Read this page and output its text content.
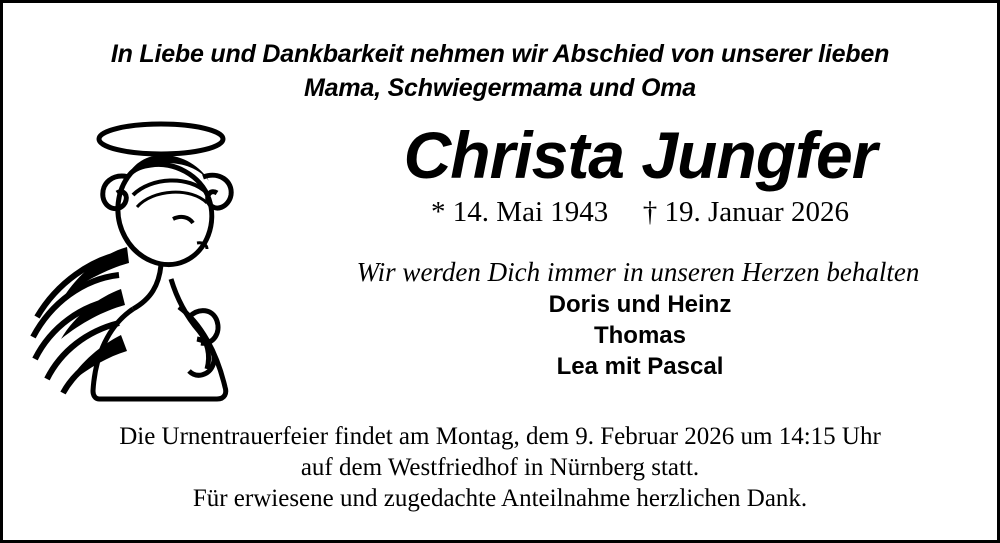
In Liebe und Dankbarkeit nehmen wir Abschied von unserer lieben
Mama, Schwiegermama und Oma
Christa Jungfer
* 14. Mai 1943 † 19. Januar 2026
Wir werden Dich immer in unseren Herzen behalten
Doris und Heinz
Thomas
Lea mit Pascal
Die Urnentrauerfeier findet am Montag, dem 9. Februar 2026 um 14:15 Uhr
auf dem Westfriedhof in Nürnberg statt.
Für erwiesene und zugedachte Anteilnahme herzlichen Dank.
